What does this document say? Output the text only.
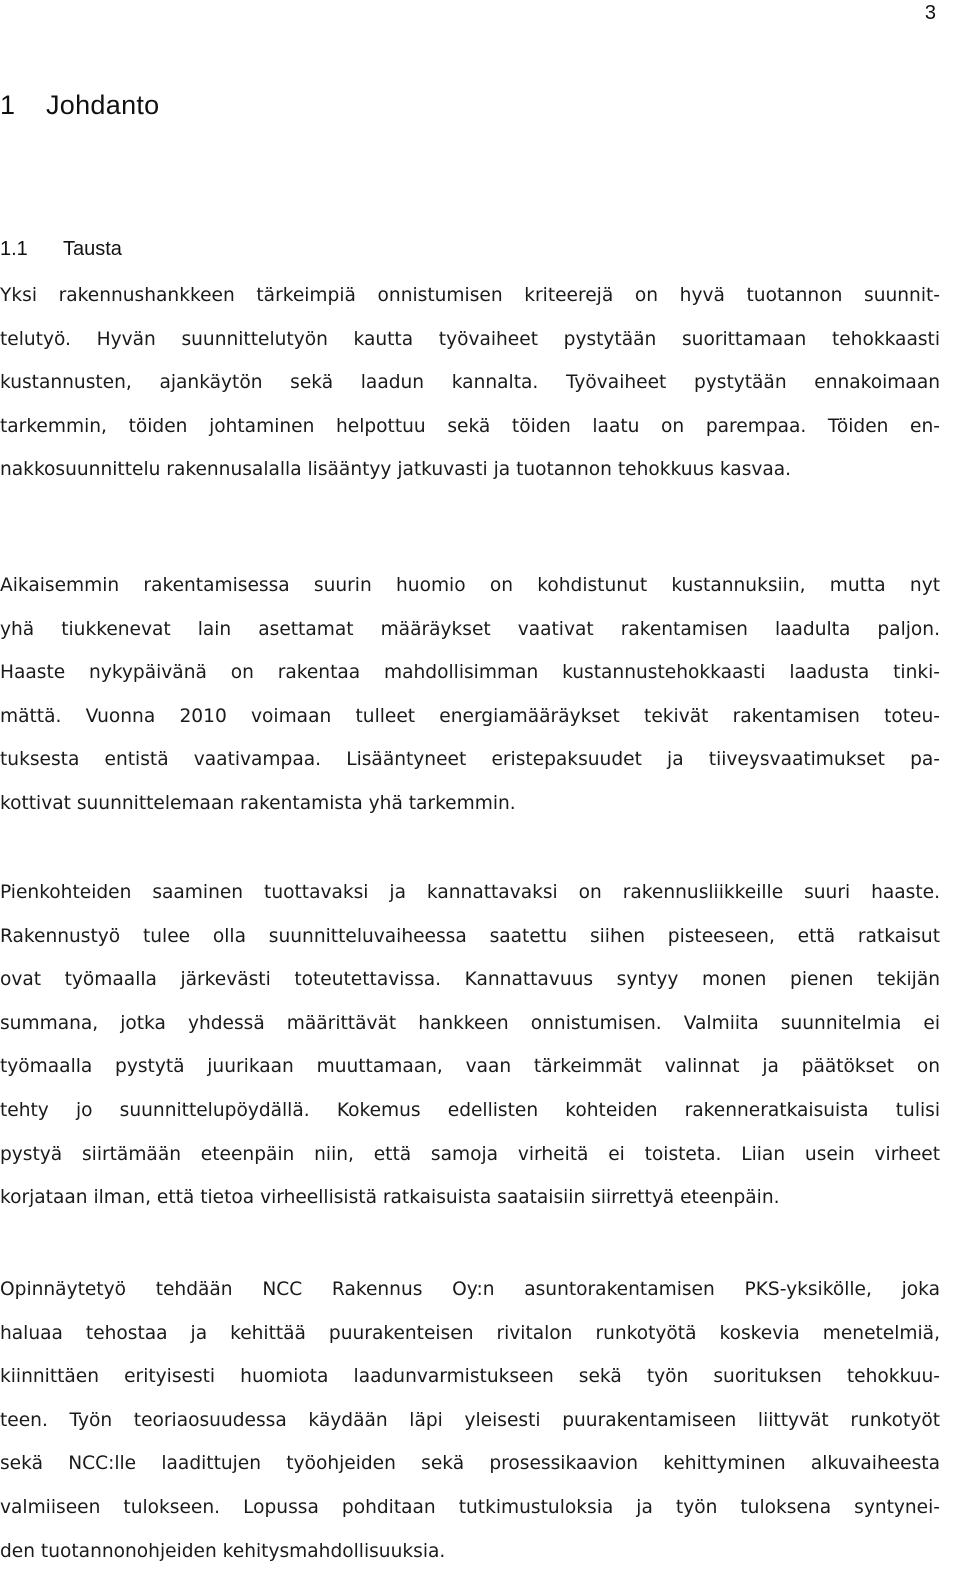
3
1 Johdanto
1.1 Tausta
Yksi rakennushankkeen tärkeimpiä onnistumisen kriteerejä on hyvä tuotannon suunnit-
telutyö. Hyvän suunnittelutyön kautta työvaiheet pystytään suorittamaan tehokkaasti
kustannusten, ajankäytön sekä laadun kannalta. Työvaiheet pystytään ennakoimaan
tarkemmin, töiden johtaminen helpottuu sekä töiden laatu on parempaa. Töiden en-
nakkosuunnittelu rakennusalalla lisääntyy jatkuvasti ja tuotannon tehokkuus kasvaa.
Aikaisemmin rakentamisessa suurin huomio on kohdistunut kustannuksiin, mutta nyt
yhä tiukkenevat lain asettamat määräykset vaativat rakentamisen laadulta paljon.
Haaste nykypäivänä on rakentaa mahdollisimman kustannustehokkaasti laadusta tinki-
mättä. Vuonna 2010 voimaan tulleet energiamääräykset tekivät rakentamisen toteu-
tuksesta entistä vaativampaa. Lisääntyneet eristepaksuudet ja tiiveysvaatimukset pa-
kottivat suunnittelemaan rakentamista yhä tarkemmin.
Pienkohteiden saaminen tuottavaksi ja kannattavaksi on rakennusliikkeille suuri haaste.
Rakennustyö tulee olla suunnitteluvaiheessa saatettu siihen pisteeseen, että ratkaisut
ovat työmaalla järkevästi toteutettavissa. Kannattavuus syntyy monen pienen tekijän
summana, jotka yhdessä määrittävät hankkeen onnistumisen. Valmiita suunnitelmia ei
työmaalla pystytä juurikaan muuttamaan, vaan tärkeimmät valinnat ja päätökset on
tehty jo suunnittelupöydällä. Kokemus edellisten kohteiden rakenneratkaisuista tulisi
pystyä siirtämään eteenpäin niin, että samoja virheitä ei toisteta. Liian usein virheet
korjataan ilman, että tietoa virheellisistä ratkaisuista saataisiin siirrettyä eteenpäin.
Opinnäytetyö tehdään NCC Rakennus Oy:n asuntorakentamisen PKS-yksikölle, joka
haluaa tehostaa ja kehittää puurakenteisen rivitalon runkotyötä koskevia menetelmiä,
kiinnittäen erityisesti huomiota laadunvarmistukseen sekä työn suorituksen tehokkuu-
teen. Työn teoriaosuudessa käydään läpi yleisesti puurakentamiseen liittyvät runkotyöt
sekä NCC:lle laadittujen työohjeiden sekä prosessikaavion kehittyminen alkuvaiheesta
valmiiseen tulokseen. Lopussa pohditaan tutkimustuloksia ja työn tuloksena syntynei-
den tuotannonohjeiden kehitysmahdollisuuksia.
